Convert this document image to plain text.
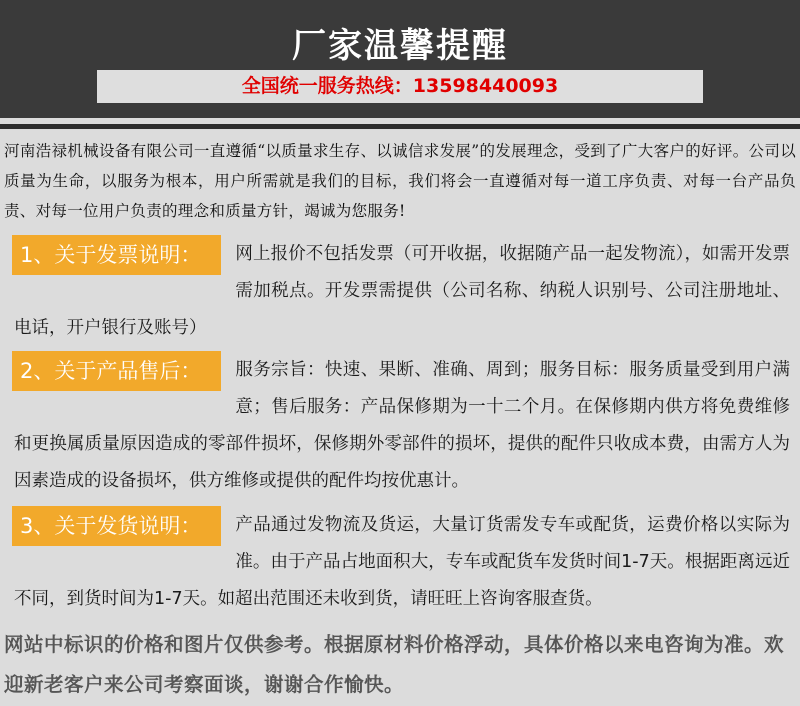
厂家温馨提醒
全国统一服务热线：13598440093
河南浩禄机械设备有限公司一直遵循“以质量求生存、以诚信求发展”的发展理念，受到了广大客户的好评。公司以质量为生命，以服务为根本，用户所需就是我们的目标，我们将会一直遵循对每一道工序负责、对每一台产品负责、对每一位用户负责的理念和质量方针，竭诚为您服务!
1、关于发票说明：	网上报价不包括发票（可开收据，收据随产品一起发物流），如需开发票需加税点。开发票需提供（公司名称、纳税人识别号、公司注册地址、电话，开户银行及账号）
2、关于产品售后：	服务宗旨：快速、果断、准确、周到；服务目标：服务质量受到用户满意；售后服务：产品保修期为一十二个月。在保修期内供方将免费维修和更换属质量原因造成的零部件损坏，保修期外零部件的损坏，提供的配件只收成本费，由需方人为因素造成的设备损坏，供方维修或提供的配件均按优惠计。
3、关于发货说明：	产品通过发物流及货运，大量订货需发专车或配货，运费价格以实际为准。由于产品占地面积大，专车或配货车发货时间1-7天。根据距离远近不同，到货时间为1-7天。如超出范围还未收到货，请旺旺上咨询客服查货。
网站中标识的价格和图片仅供参考。根据原材料价格浮动，具体价格以来电咨询为准。欢迎新老客户来公司考察面谈，谢谢合作愉快。
